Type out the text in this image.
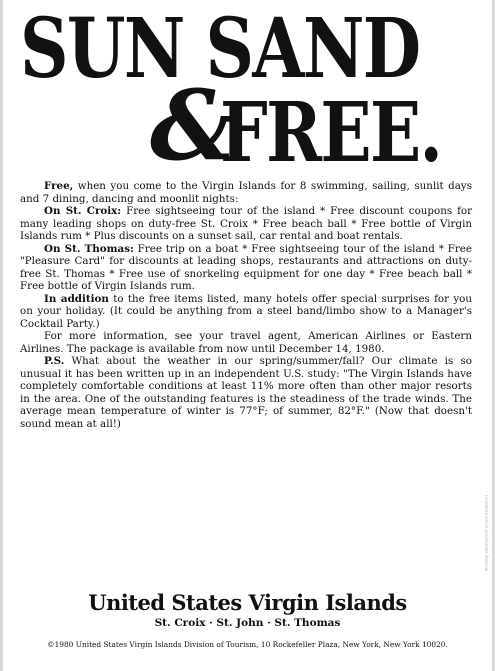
SUN SAND
&
FREE.

Free, when you come to the Virgin Islands for 8 swimming, sailing, sunlit days and 7 dining, dancing and moonlit nights:

On St. Croix: Free sightseeing tour of the island * Free discount coupons for many leading shops on duty-free St. Croix * Free beach ball * Free bottle of Virgin Islands rum * Plus discounts on a sunset sail, car rental and boat rentals.

On St. Thomas: Free trip on a boat * Free sightseeing tour of the island * Free "Pleasure Card" for discounts at leading shops, restaurants and attractions on duty-free St. Thomas * Free use of snorkeling equipment for one day * Free beach ball * Free bottle of Virgin Islands rum.

In addition to the free items listed, many hotels offer special surprises for you on your holiday. (It could be anything from a steel band/limbo show to a Manager's Cocktail Party.)

For more information, see your travel agent, American Airlines or Eastern Airlines. The package is available from now until December 14, 1980.

P.S. What about the weather in our spring/summer/fall? Our climate is so unusual it has been written up in an independent U.S. study: "The Virgin Islands have completely comfortable conditions at least 11% more often than other major resorts in the area. One of the outstanding features is the steadiness of the trade winds. The average mean temperature of winter is 77°F; of summer, 82°F." (Now that doesn't sound mean at all!)

United States Virgin Islands
St. Croix · St. John · St. Thomas
©1980 United States Virgin Islands Division of Tourism, 10 Rockefeller Plaza, New York, New York 10020.
Urheberrechtlich geschütztes Material
